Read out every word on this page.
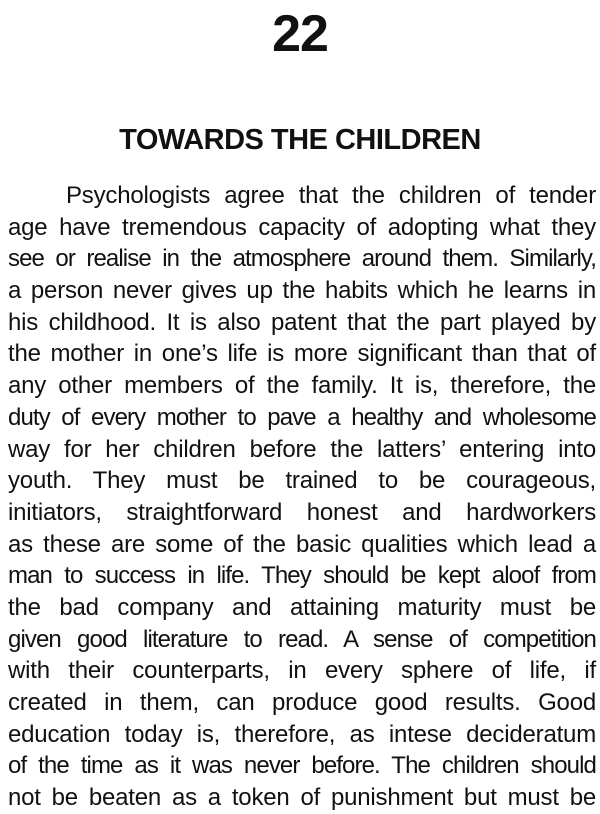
22
TOWARDS THE CHILDREN
Psychologists agree that the children of tender
age have tremendous capacity of adopting what they
see or realise in the atmosphere around them. Similarly,
a person never gives up the habits which he learns in
his childhood. It is also patent that the part played by
the mother in one’s life is more significant than that of
any other members of the family. It is, therefore, the
duty of every mother to pave a healthy and wholesome
way for her children before the latters’ entering into
youth. They must be trained to be courageous,
initiators, straightforward honest and hardworkers
as these are some of the basic qualities which lead a
man to success in life. They should be kept aloof from
the bad company and attaining maturity must be
given good literature to read. A sense of competition
with their counterparts, in every sphere of life, if
created in them, can produce good results. Good
education today is, therefore, as intese decideratum
of the time as it was never before. The children should
not be beaten as a token of punishment but must be
